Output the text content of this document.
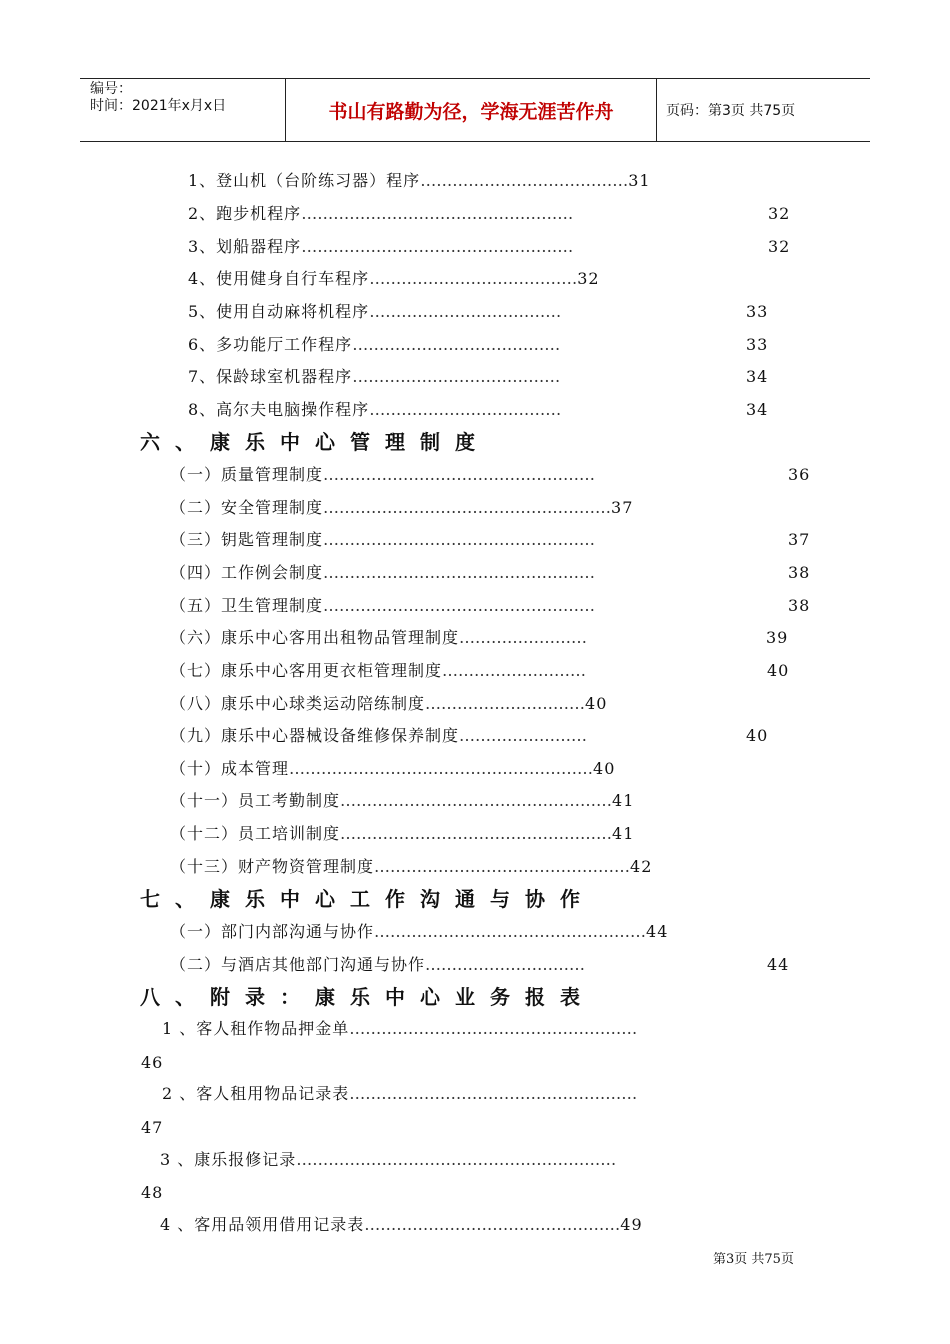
编号：
时间：2021年x月x日	书山有路勤为径，学海无涯苦作舟	页码：第3页 共75页
1、登山机（台阶练习器）程序…………………………………31
2、跑步机程序……………………………………………	32
3、划船器程序……………………………………………	32
4、使用健身自行车程序…………………………………32
5、使用自动麻将机程序………………………………	33
6、多功能厅工作程序…………………………………	33
7、保龄球室机器程序…………………………………	34
8、高尔夫电脑操作程序………………………………	34
六、康乐中心管理制度
（一）质量管理制度……………………………………………	36
（二）安全管理制度………………………………………………37
（三）钥匙管理制度……………………………………………	37
（四）工作例会制度……………………………………………	38
（五）卫生管理制度……………………………………………	38
（六）康乐中心客用出租物品管理制度……………………	39
（七）康乐中心客用更衣柜管理制度………………………	40
（八）康乐中心球类运动陪练制度…………………………40
（九）康乐中心器械设备维修保养制度……………………	40
（十）成本管理…………………………………………………40
（十一）员工考勤制度……………………………………………41
（十二）员工培训制度……………………………………………41
（十三）财产物资管理制度…………………………………………42
七、康乐中心工作沟通与协作
（一）部门内部沟通与协作……………………………………………44
（二）与酒店其他部门沟通与协作…………………………	44
八、附录：康乐中心业务报表
1 、客人租作物品押金单………………………………………………
46
2 、客人租用物品记录表………………………………………………
47
3 、康乐报修记录……………………………………………………
48
4 、客用品领用借用记录表…………………………………………49
第3页 共75页
